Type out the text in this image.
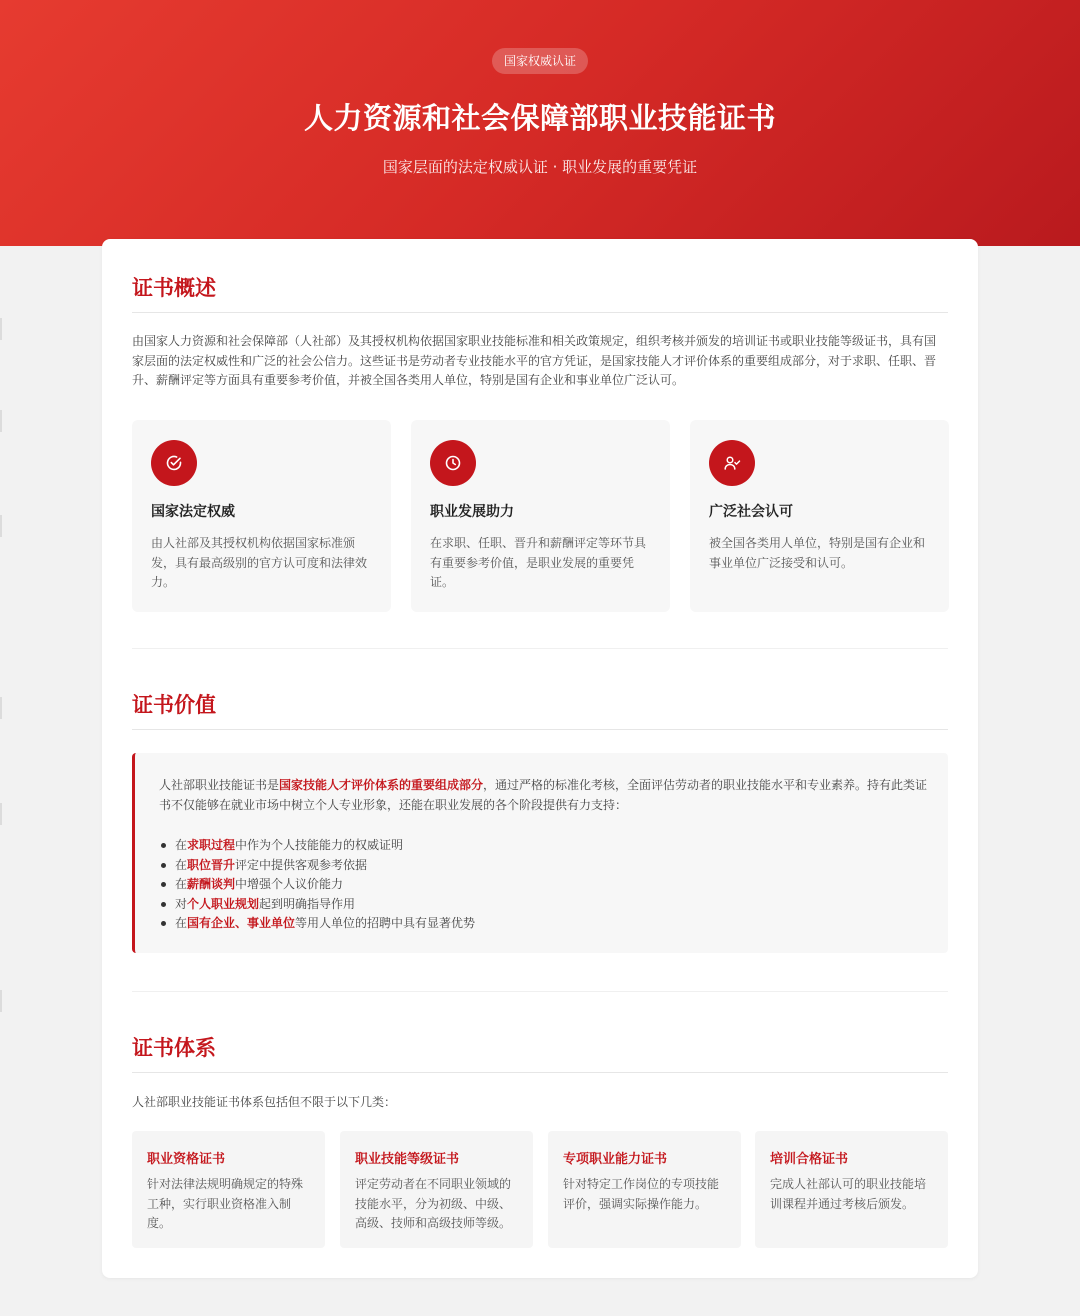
国家权威认证
人力资源和社会保障部职业技能证书

国家层面的法定权威认证 · 职业发展的重要凭证

证书概述

由国家人力资源和社会保障部（人社部）及其授权机构依据国家职业技能标准和相关政策规定，组织考核并颁发的培训证书或职业技能等级证书，具有国家层面的法定权威性和广泛的社会公信力。这些证书是劳动者专业技能水平的官方凭证，是国家技能人才评价体系的重要组成部分，对于求职、任职、晋升、薪酬评定等方面具有重要参考价值，并被全国各类用人单位，特别是国有企业和事业单位广泛认可。

国家法定权威
由人社部及其授权机构依据国家标准颁发，具有最高级别的官方认可度和法律效力。
职业发展助力
在求职、任职、晋升和薪酬评定等环节具有重要参考价值，是职业发展的重要凭证。
广泛社会认可
被全国各类用人单位，特别是国有企业和事业单位广泛接受和认可。
证书价值

人社部职业技能证书是国家技能人才评价体系的重要组成部分，通过严格的标准化考核，全面评估劳动者的职业技能水平和专业素养。持有此类证书不仅能够在就业市场中树立个人专业形象，还能在职业发展的各个阶段提供有力支持：

在求职过程中作为个人技能能力的权威证明
在职位晋升评定中提供客观参考依据
在薪酬谈判中增强个人议价能力
对个人职业规划起到明确指导作用
在国有企业、事业单位等用人单位的招聘中具有显著优势
证书体系

人社部职业技能证书体系包括但不限于以下几类：

职业资格证书
针对法律法规明确规定的特殊工种，实行职业资格准入制度。
职业技能等级证书
评定劳动者在不同职业领域的技能水平，分为初级、中级、高级、技师和高级技师等级。
专项职业能力证书
针对特定工作岗位的专项技能评价，强调实际操作能力。
培训合格证书
完成人社部认可的职业技能培训课程并通过考核后颁发。
